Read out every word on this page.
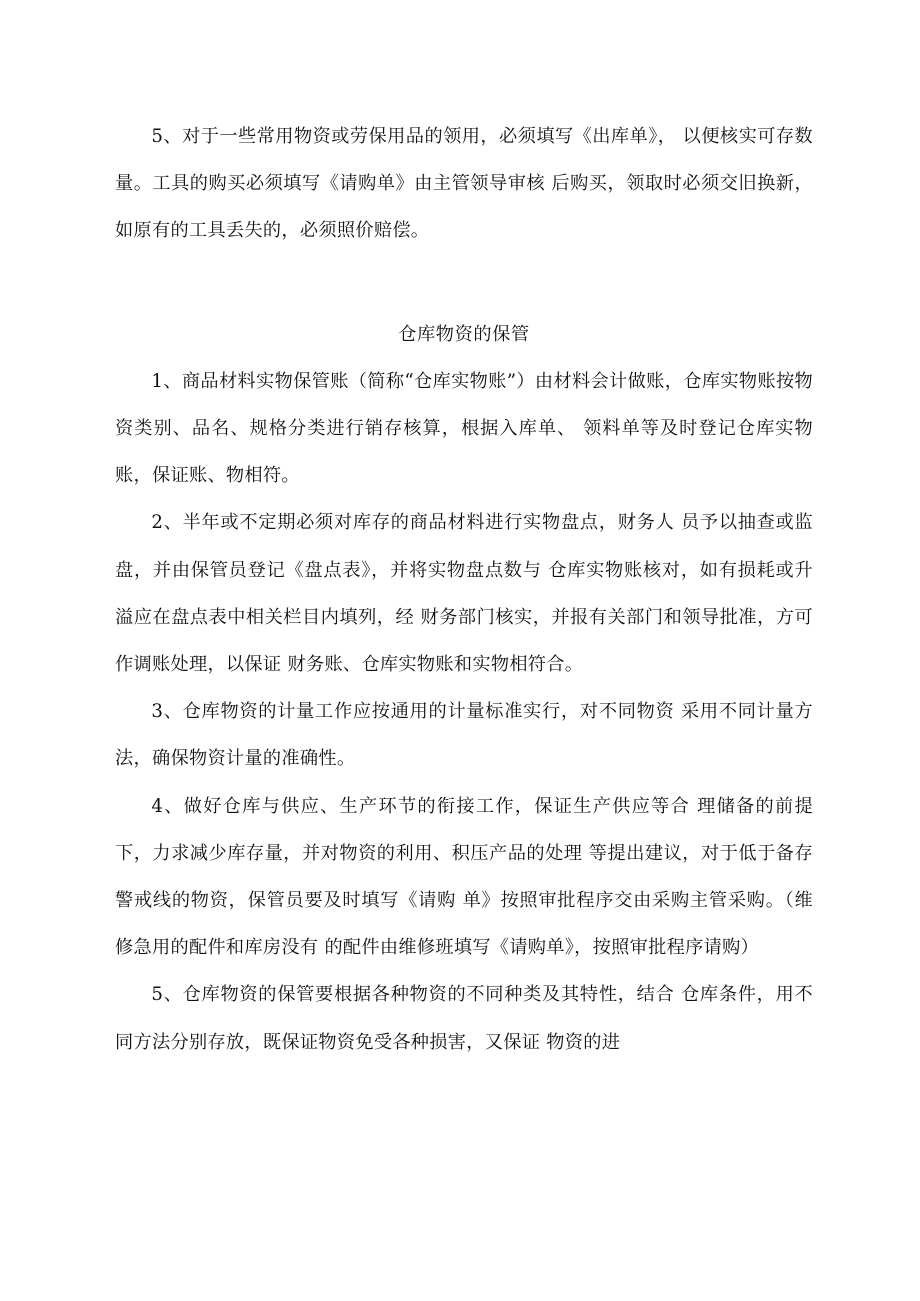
5、对于一些常用物资或劳保用品的领用，必须填写《出库单》， 以便核实可存数量。工具的购买必须填写《请购单》由主管领导审核 后购买，领取时必须交旧换新，如原有的工具丢失的，必须照价赔偿。

仓库物资的保管

1、商品材料实物保管账（简称“仓库实物账”）由材料会计做账，仓库实物账按物资类别、品名、规格分类进行销存核算，根据入库单、 领料单等及时登记仓库实物账，保证账、物相符。

2、半年或不定期必须对库存的商品材料进行实物盘点，财务人 员予以抽查或监盘，并由保管员登记《盘点表》，并将实物盘点数与 仓库实物账核对，如有损耗或升溢应在盘点表中相关栏目内填列，经 财务部门核实，并报有关部门和领导批准，方可作调账处理，以保证 财务账、仓库实物账和实物相符合。

3、仓库物资的计量工作应按通用的计量标准实行，对不同物资 采用不同计量方法，确保物资计量的准确性。

4、做好仓库与供应、生产环节的衔接工作，保证生产供应等合 理储备的前提下，力求减少库存量，并对物资的利用、积压产品的处理 等提出建议，对于低于备存警戒线的物资，保管员要及时填写《请购 单》按照审批程序交由采购主管采购。（维修急用的配件和库房没有 的配件由维修班填写《请购单》，按照审批程序请购）

5、仓库物资的保管要根据各种物资的不同种类及其特性，结合 仓库条件，用不同方法分别存放，既保证物资免受各种损害，又保证 物资的进
